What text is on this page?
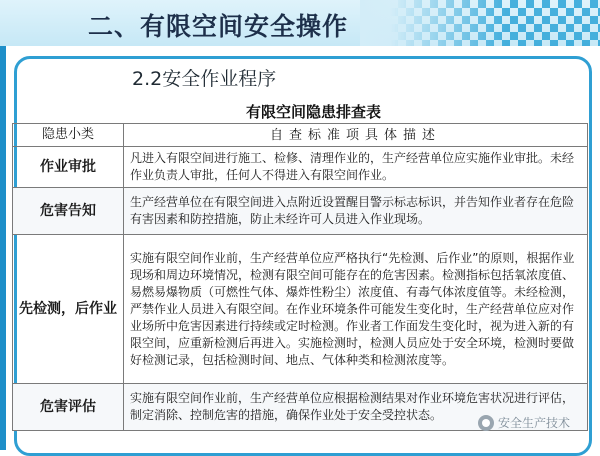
二、有限空间安全操作
2.2安全作业程序
有限空间隐患排查表
隐患小类	自查标准项具体描述
作业审批	凡进入有限空间进行施工、检修、清理作业的，生产经营单位应实施作业审批。未经作业负责人审批，任何人不得进入有限空间作业。
危害告知	生产经营单位在有限空间进入点附近设置醒目警示标志标识，并告知作业者存在危险有害因素和防控措施，防止未经许可人员进入作业现场。
先检测，后作业	实施有限空间作业前，生产经营单位应严格执行“先检测、后作业”的原则，根据作业现场和周边环境情况，检测有限空间可能存在的危害因素。检测指标包括氧浓度值、易燃易爆物质（可燃性气体、爆炸性粉尘）浓度值、有毒气体浓度值等。未经检测，严禁作业人员进入有限空间。在作业环境条件可能发生变化时，生产经营单位应对作业场所中危害因素进行持续或定时检测。作业者工作面发生变化时，视为进入新的有限空间，应重新检测后再进入。实施检测时，检测人员应处于安全环境，检测时要做好检测记录，包括检测时间、地点、气体种类和检测浓度等。
危害评估	实施有限空间作业前，生产经营单位应根据检测结果对作业环境危害状况进行评估，制定消除、控制危害的措施，确保作业处于安全受控状态。
安全生产技术
